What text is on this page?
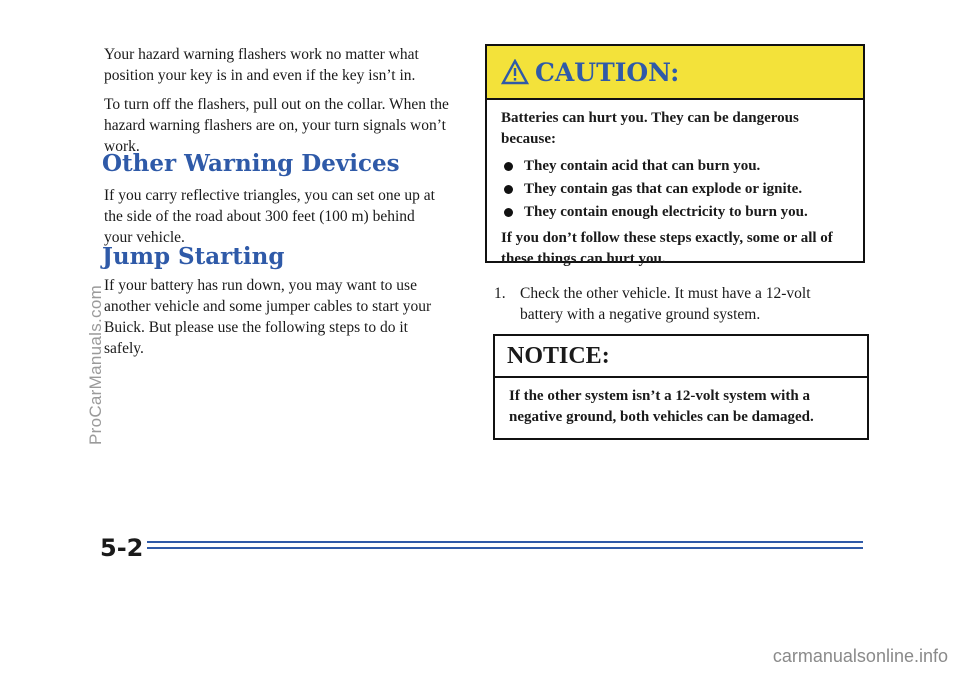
Your hazard warning flashers work no matter what position your key is in and even if the key isn’t in.

To turn off the flashers, pull out on the collar. When the hazard warning flashers are on, your turn signals won’t work.

Other Warning Devices

If you carry reflective triangles, you can set one up at the side of the road about 300 feet (100 m) behind your vehicle.

Jump Starting

If your battery has run down, you may want to use another vehicle and some jumper cables to start your Buick. But please use the following steps to do it safely.

CAUTION:

Batteries can hurt you. They can be dangerous because:

They contain acid that can burn you.
They contain gas that can explode or ignite.
They contain enough electricity to burn you.

If you don’t follow these steps exactly, some or all of these things can hurt you.

1. Check the other vehicle. It must have a 12-volt battery with a negative ground system.
NOTICE:

If the other system isn’t a 12-volt system with a negative ground, both vehicles can be damaged.

5-2
ProCarManuals.com
carmanualsonline.info
